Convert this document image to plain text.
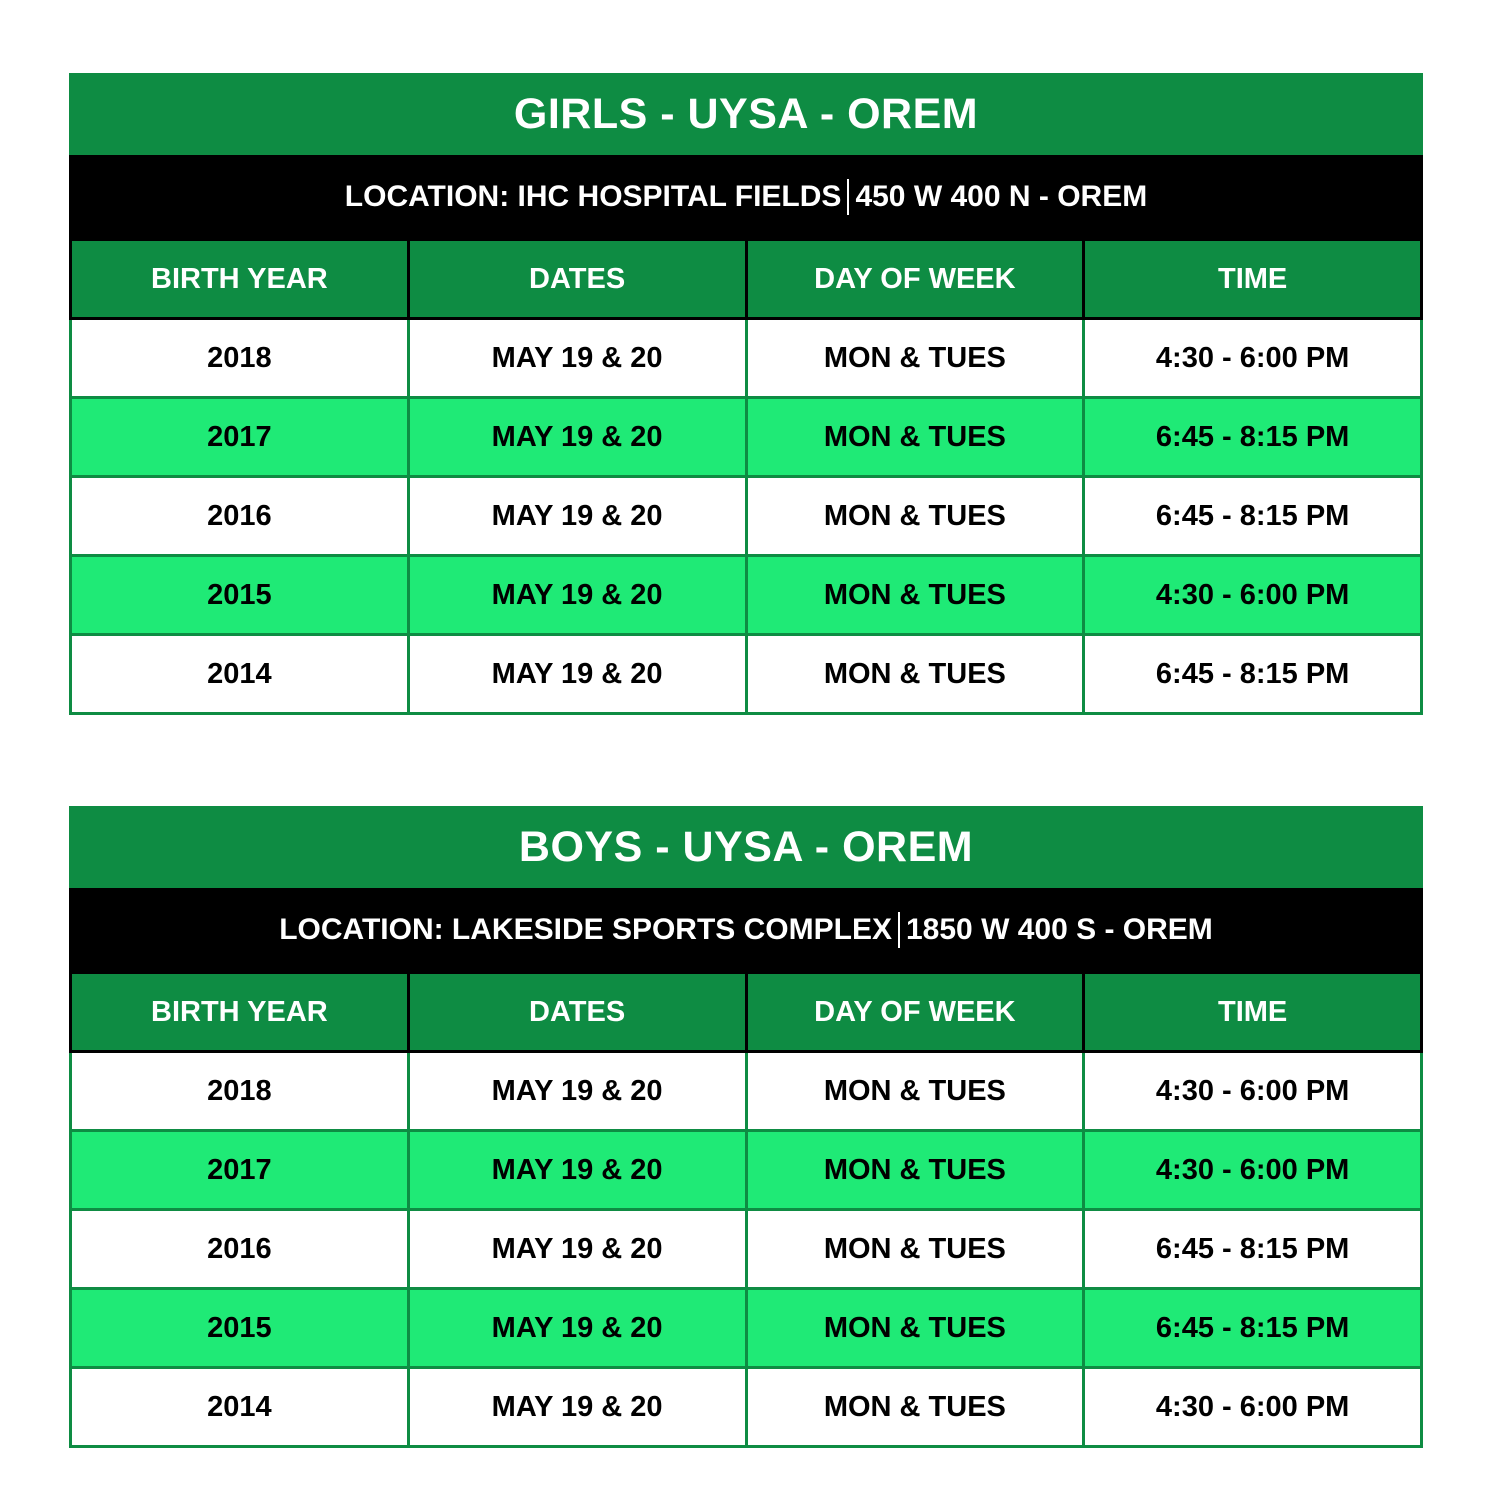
GIRLS - UYSA - OREM
LOCATION: IHC HOSPITAL FIELDS 450 W 400 N - OREM
BIRTH YEAR	DATES	DAY OF WEEK	TIME
2018	MAY 19 & 20	MON & TUES	4:30 - 6:00 PM
2017	MAY 19 & 20	MON & TUES	6:45 - 8:15 PM
2016	MAY 19 & 20	MON & TUES	6:45 - 8:15 PM
2015	MAY 19 & 20	MON & TUES	4:30 - 6:00 PM
2014	MAY 19 & 20	MON & TUES	6:45 - 8:15 PM
BOYS - UYSA - OREM
LOCATION: LAKESIDE SPORTS COMPLEX 1850 W 400 S - OREM
BIRTH YEAR	DATES	DAY OF WEEK	TIME
2018	MAY 19 & 20	MON & TUES	4:30 - 6:00 PM
2017	MAY 19 & 20	MON & TUES	4:30 - 6:00 PM
2016	MAY 19 & 20	MON & TUES	6:45 - 8:15 PM
2015	MAY 19 & 20	MON & TUES	6:45 - 8:15 PM
2014	MAY 19 & 20	MON & TUES	4:30 - 6:00 PM
